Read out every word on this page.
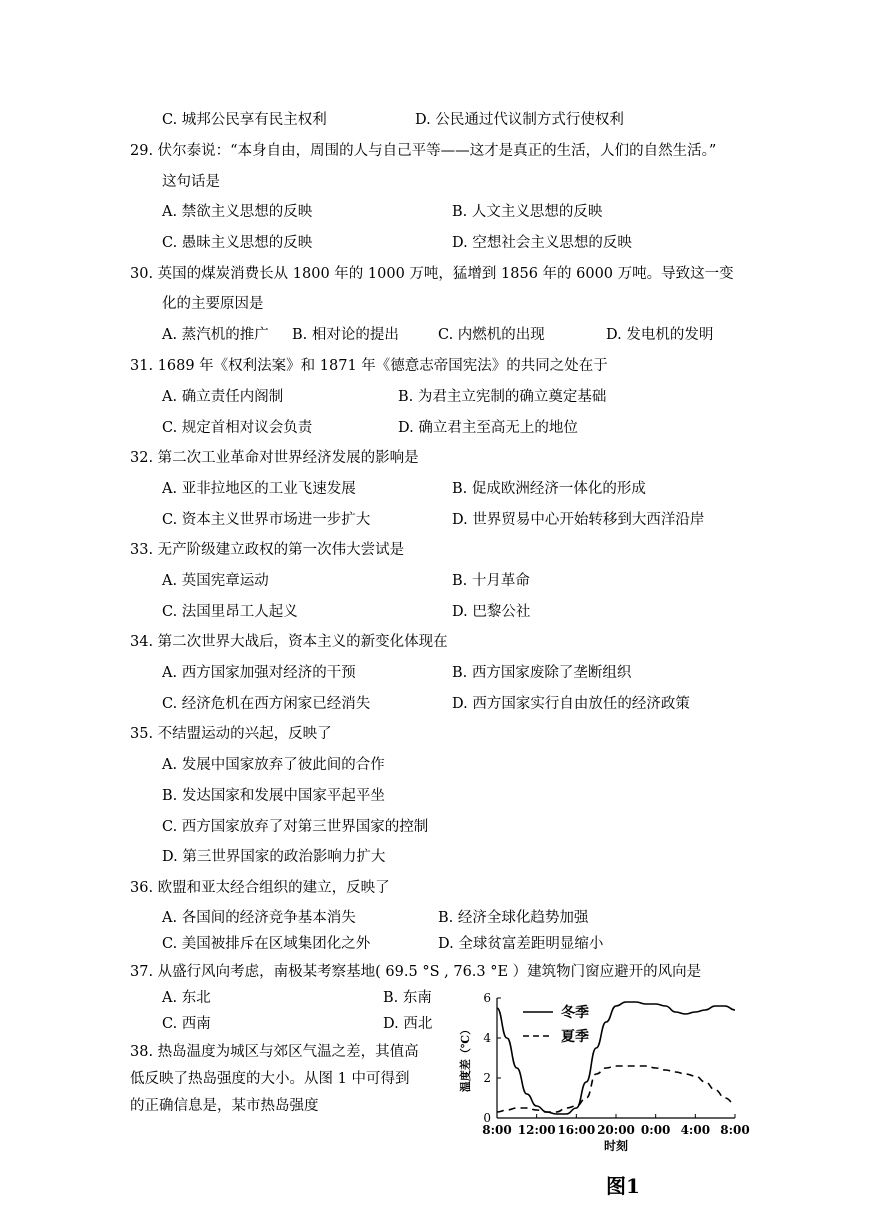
C. 城邦公民享有民主权利	D. 公民通过代议制方式行使权利
29. 伏尔泰说：“本身自由，周围的人与自己平等——这才是真正的生活，人们的自然生活。”
这句话是
A. 禁欲主义思想的反映	B. 人文主义思想的反映
C. 愚昧主义思想的反映	D. 空想社会主义思想的反映
30. 英国的煤炭消费长从 1800 年的 1000 万吨，猛增到 1856 年的 6000 万吨。导致这一变
化的主要原因是
A. 蒸汽机的推广 B. 相对论的提出	C. 内燃机的出现	D. 发电机的发明
31. 1689 年《权利法案》和 1871 年《德意志帝国宪法》的共同之处在于
A. 确立责任内阁制	B. 为君主立宪制的确立奠定基础
C. 规定首相对议会负责	D. 确立君主至高无上的地位
32. 第二次工业革命对世界经济发展的影响是
A. 亚非拉地区的工业飞速发展	B. 促成欧洲经济一体化的形成
C. 资本主义世界市场进一步扩大	D. 世界贸易中心开始转移到大西洋沿岸
33. 无产阶级建立政权的第一次伟大尝试是
A. 英国宪章运动	B. 十月革命
C. 法国里昂工人起义	D. 巴黎公社
34. 第二次世界大战后，资本主义的新变化体现在
A. 西方国家加强对经济的干预	B. 西方国家废除了垄断组织
C. 经济危机在西方闲家已经消失	D. 西方国家实行自由放任的经济政策
35. 不结盟运动的兴起，反映了
A. 发展中国家放弃了彼此间的合作
B. 发达国家和发展中国家平起平坐
C. 西方国家放弃了对第三世界国家的控制
D. 第三世界国家的政治影响力扩大
36. 欧盟和亚太经合组织的建立，反映了
A. 各国间的经济竞争基本消失	B. 经济全球化趋势加强
C. 美国被排斥在区域集团化之外	D. 全球贫富差距明显缩小
37. 从盛行风向考虑，南极某考察基地( 69.5 °S , 76.3 °E ）建筑物门窗应避开的风向是
A. 东北	B. 东南
C. 西南	D. 西北
38. 热岛温度为城区与郊区气温之差，其值高
低反映了热岛强度的大小。从图 1 中可得到
的正确信息是，某市热岛强度
0
2
4
6
8:00 12:00 16:00 20:00 0:00 4:00 8:00
时刻
温度差（℃）
冬季
夏季
图1
